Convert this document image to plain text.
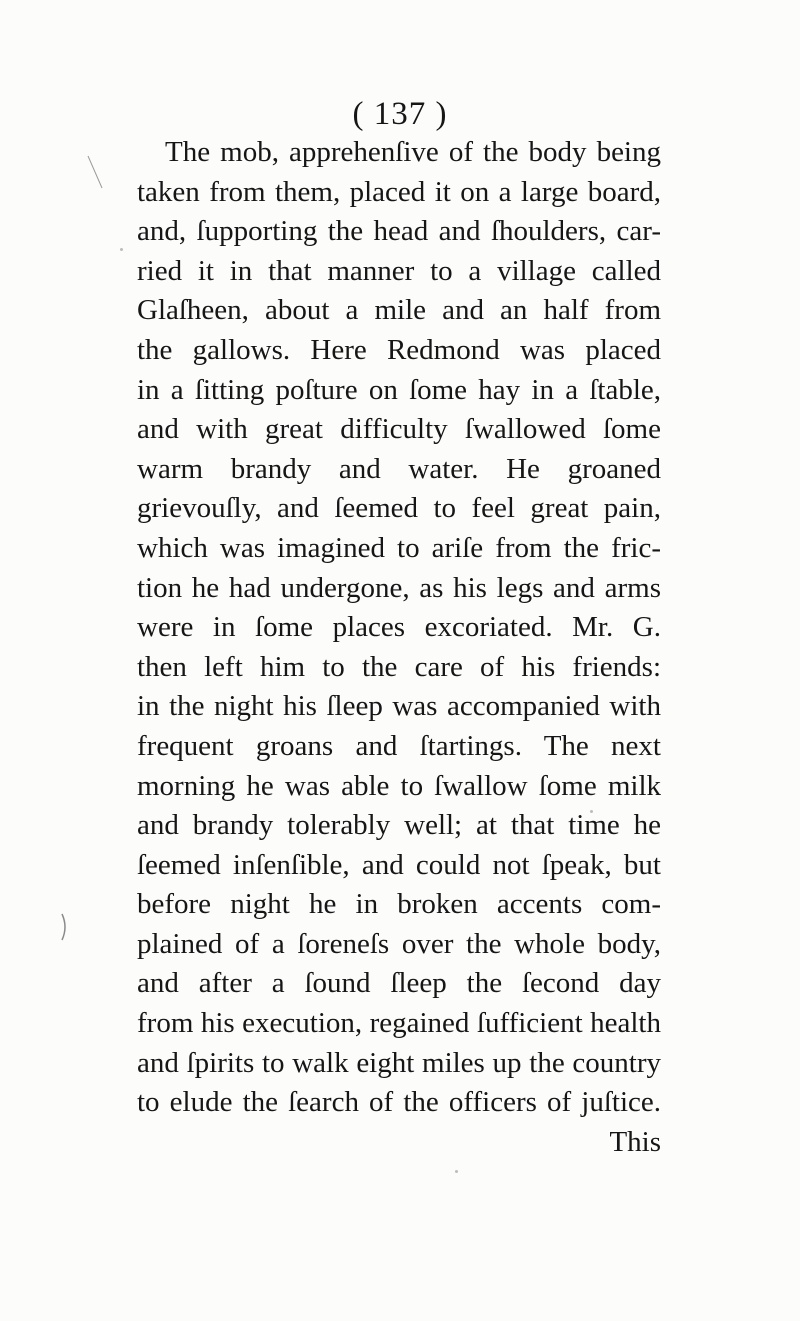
( 137 )
The mob, apprehenſive of the body being
taken from them, placed it on a large board,
and, ſupporting the head and ſhoulders, car-
ried it in that manner to a village called
Glaſheen, about a mile and an half from
the gallows. Here Redmond was placed
in a ſitting poſture on ſome hay in a ſtable,
and with great difficulty ſwallowed ſome
warm brandy and water. He groaned
grievouſly, and ſeemed to feel great pain,
which was imagined to ariſe from the fric-
tion he had undergone, as his legs and arms
were in ſome places excoriated. Mr. G.
then left him to the care of his friends:
in the night his ſleep was accompanied with
frequent groans and ſtartings. The next
morning he was able to ſwallow ſome milk
and brandy tolerably well; at that time he
ſeemed inſenſible, and could not ſpeak, but
before night he in broken accents com-
plained of a ſoreneſs over the whole body,
and after a ſound ſleep the ſecond day
from his execution, regained ſufficient health
and ſpirits to walk eight miles up the country
to elude the ſearch of the officers of juſtice.
This
